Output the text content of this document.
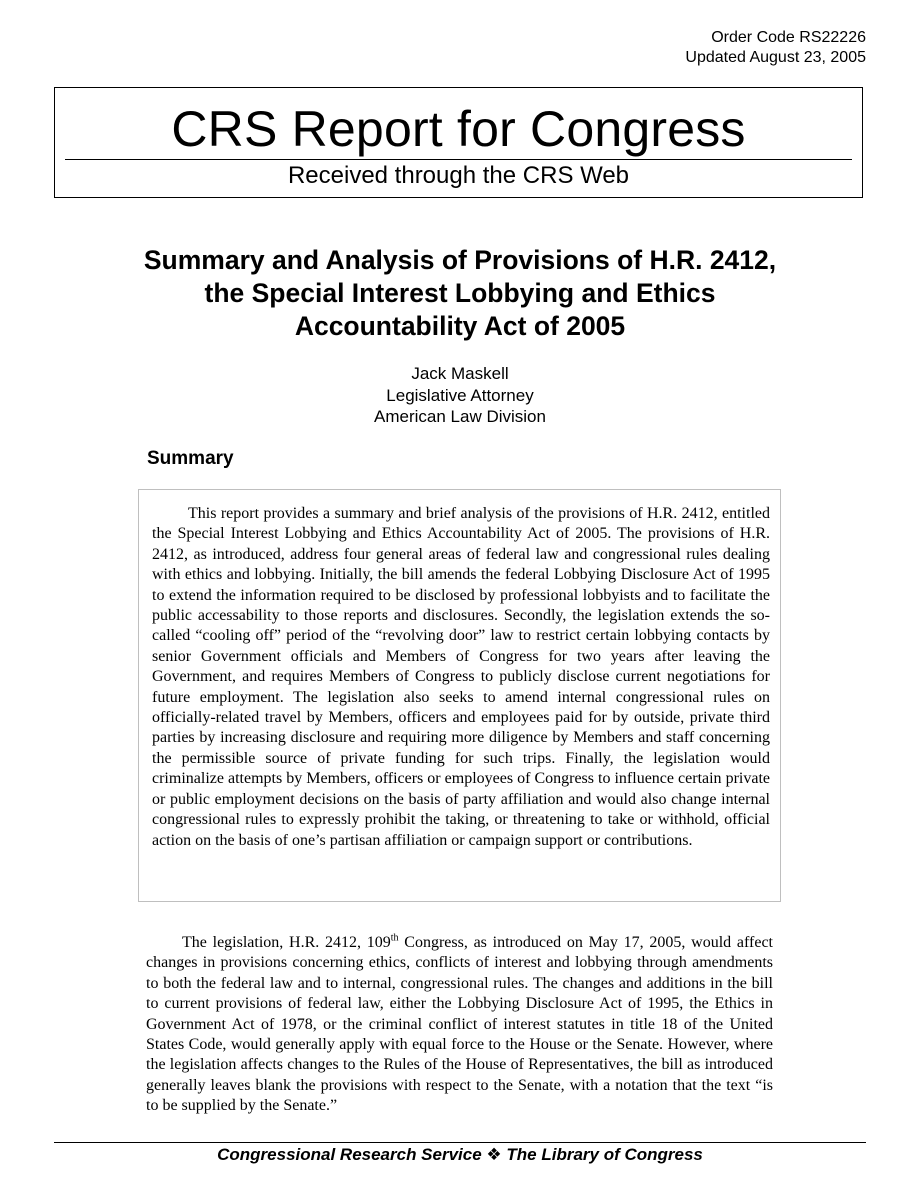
Order Code RS22226
Updated August 23, 2005
CRS Report for Congress
Received through the CRS Web
Summary and Analysis of Provisions of H.R. 2412, the Special Interest Lobbying and Ethics Accountability Act of 2005
Jack Maskell
Legislative Attorney
American Law Division
Summary

This report provides a summary and brief analysis of the provisions of H.R. 2412, entitled the Special Interest Lobbying and Ethics Accountability Act of 2005. The provisions of H.R. 2412, as introduced, address four general areas of federal law and congressional rules dealing with ethics and lobbying. Initially, the bill amends the federal Lobbying Disclosure Act of 1995 to extend the information required to be disclosed by professional lobbyists and to facilitate the public accessability to those reports and disclosures. Secondly, the legislation extends the so-called “cooling off” period of the “revolving door” law to restrict certain lobbying contacts by senior Government officials and Members of Congress for two years after leaving the Government, and requires Members of Congress to publicly disclose current negotiations for future employment. The legislation also seeks to amend internal congressional rules on officially-related travel by Members, officers and employees paid for by outside, private third parties by increasing disclosure and requiring more diligence by Members and staff concerning the permissible source of private funding for such trips. Finally, the legislation would criminalize attempts by Members, officers or employees of Congress to influence certain private or public employment decisions on the basis of party affiliation and would also change internal congressional rules to expressly prohibit the taking, or threatening to take or withhold, official action on the basis of one’s partisan affiliation or campaign support or contributions.

The legislation, H.R. 2412, 109th Congress, as introduced on May 17, 2005, would affect changes in provisions concerning ethics, conflicts of interest and lobbying through amendments to both the federal law and to internal, congressional rules. The changes and additions in the bill to current provisions of federal law, either the Lobbying Disclosure Act of 1995, the Ethics in Government Act of 1978, or the criminal conflict of interest statutes in title 18 of the United States Code, would generally apply with equal force to the House or the Senate. However, where the legislation affects changes to the Rules of the House of Representatives, the bill as introduced generally leaves blank the provisions with respect to the Senate, with a notation that the text “is to be supplied by the Senate.”

Congressional Research Service ❖ The Library of Congress
